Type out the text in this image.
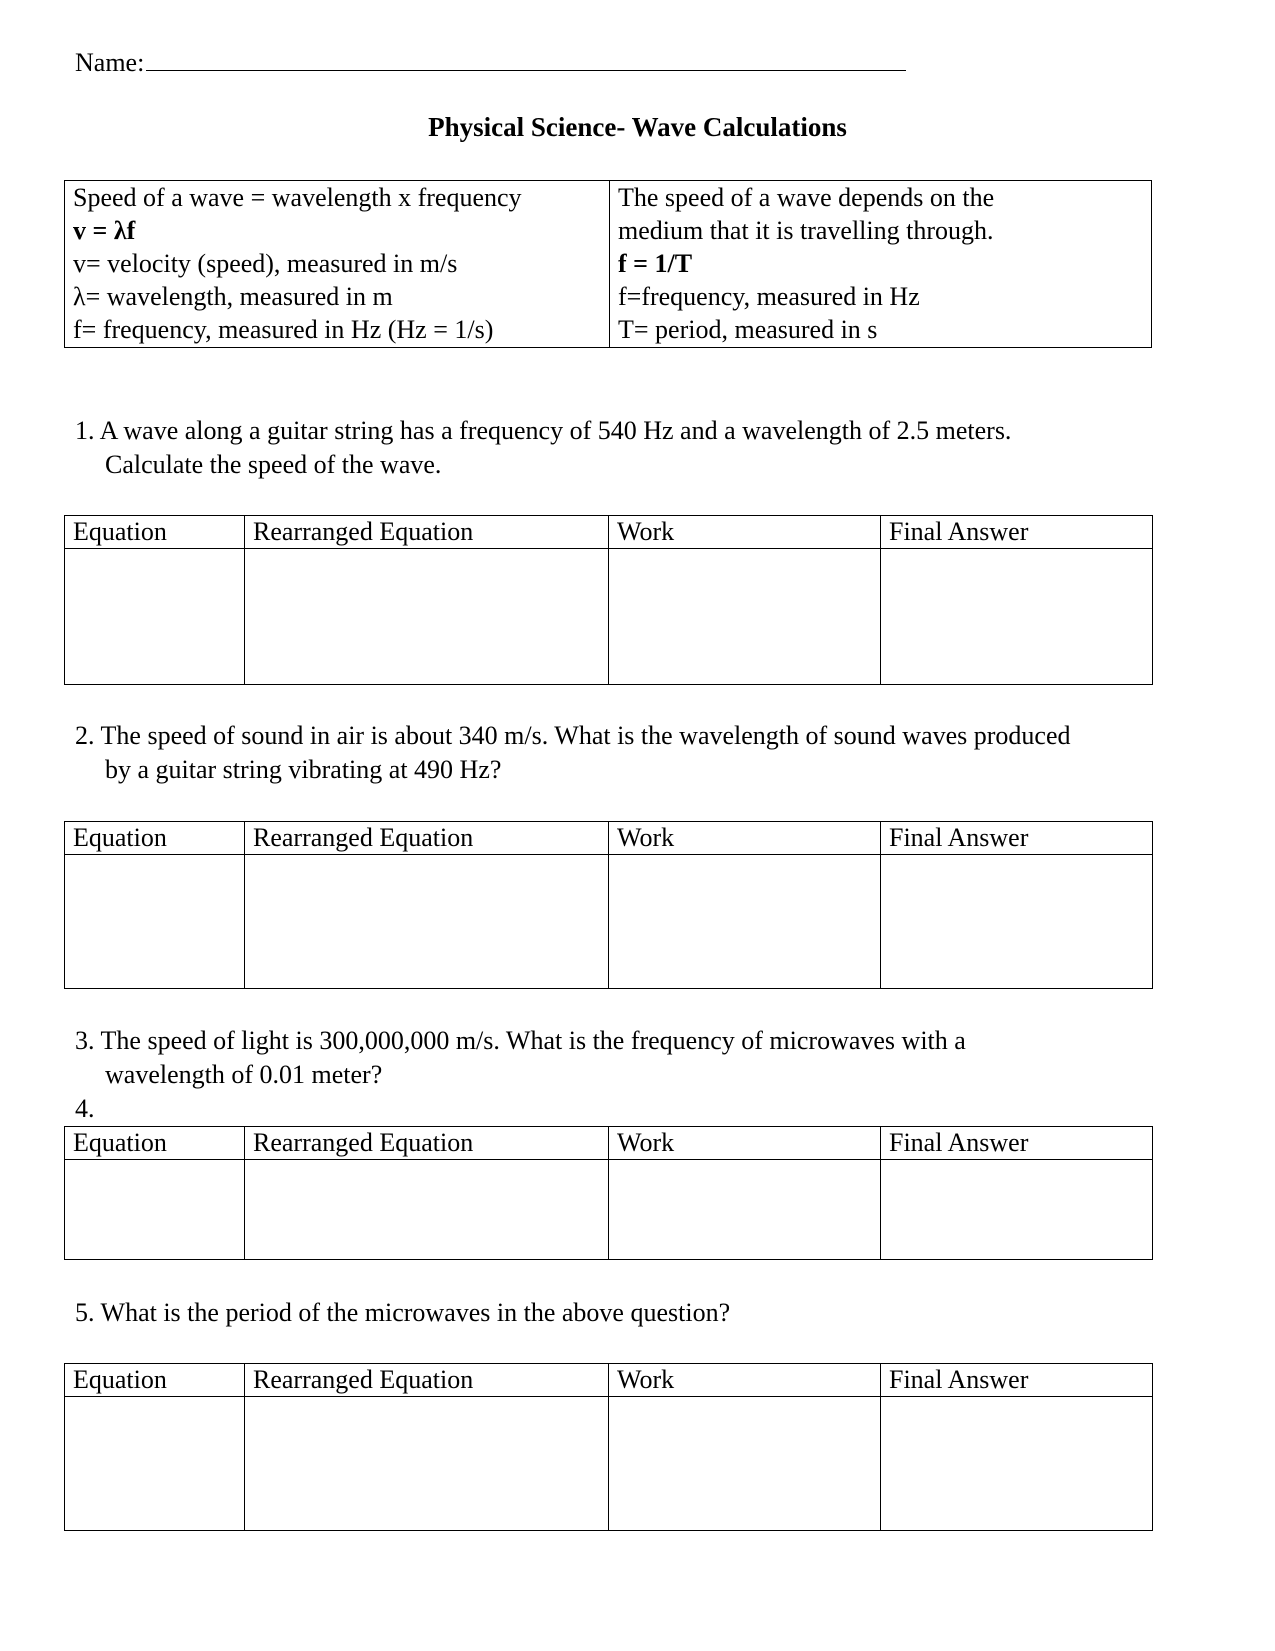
Name:
Physical Science- Wave Calculations
Speed of a wave = wavelength x frequency
v = λf
v= velocity (speed), measured in m/s
λ= wavelength, measured in m
f= frequency, measured in Hz (Hz = 1/s)
The speed of a wave depends on the
medium that it is travelling through.
f = 1/T
f=frequency, measured in Hz
T= period, measured in s
1. A wave along a guitar string has a frequency of 540 Hz and a wavelength of 2.5 meters.
Calculate the speed of the wave.
Equation	Rearranged Equation	Work	Final Answer

2. The speed of sound in air is about 340 m/s. What is the wavelength of sound waves produced
by a guitar string vibrating at 490 Hz?
Equation	Rearranged Equation	Work	Final Answer

3. The speed of light is 300,000,000 m/s. What is the frequency of microwaves with a
wavelength of 0.01 meter?
4.
Equation	Rearranged Equation	Work	Final Answer

5. What is the period of the microwaves in the above question?
Equation	Rearranged Equation	Work	Final Answer
